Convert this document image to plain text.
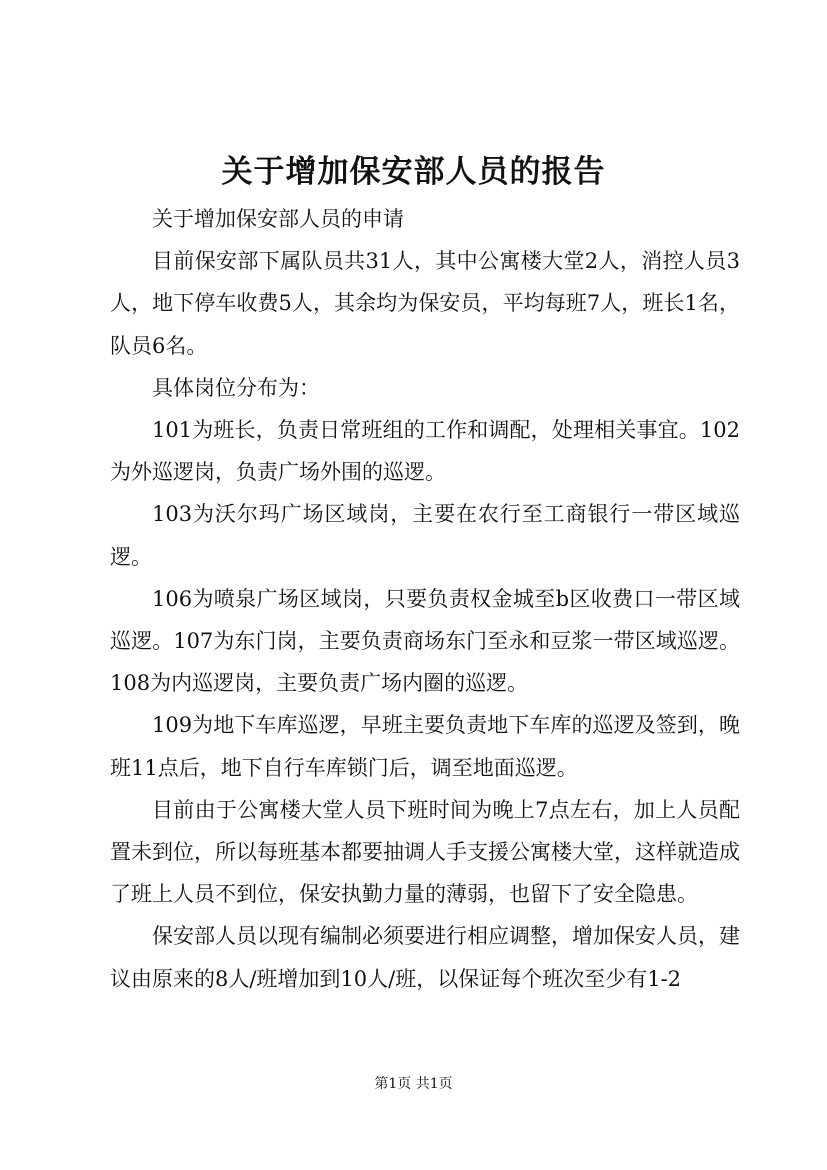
关于增加保安部人员的报告

关于增加保安部人员的申请

目前保安部下属队员共31人，其中公寓楼大堂2人，消控人员3人，地下停车收费5人，其余均为保安员，平均每班7人，班长1名，队员6名。

具体岗位分布为：

101为班长，负责日常班组的工作和调配，处理相关事宜。102为外巡逻岗，负责广场外围的巡逻。

103为沃尔玛广场区域岗，主要在农行至工商银行一带区域巡逻。

106为喷泉广场区域岗，只要负责权金城至b区收费口一带区域巡逻。107为东门岗，主要负责商场东门至永和豆浆一带区域巡逻。108为内巡逻岗，主要负责广场内圈的巡逻。

109为地下车库巡逻，早班主要负责地下车库的巡逻及签到，晚班11点后，地下自行车库锁门后，调至地面巡逻。

目前由于公寓楼大堂人员下班时间为晚上7点左右，加上人员配置未到位，所以每班基本都要抽调人手支援公寓楼大堂，这样就造成了班上人员不到位，保安执勤力量的薄弱，也留下了安全隐患。

保安部人员以现有编制必须要进行相应调整，增加保安人员，建议由原来的8人/班增加到10人/班，以保证每个班次至少有1-2

第1页 共1页
